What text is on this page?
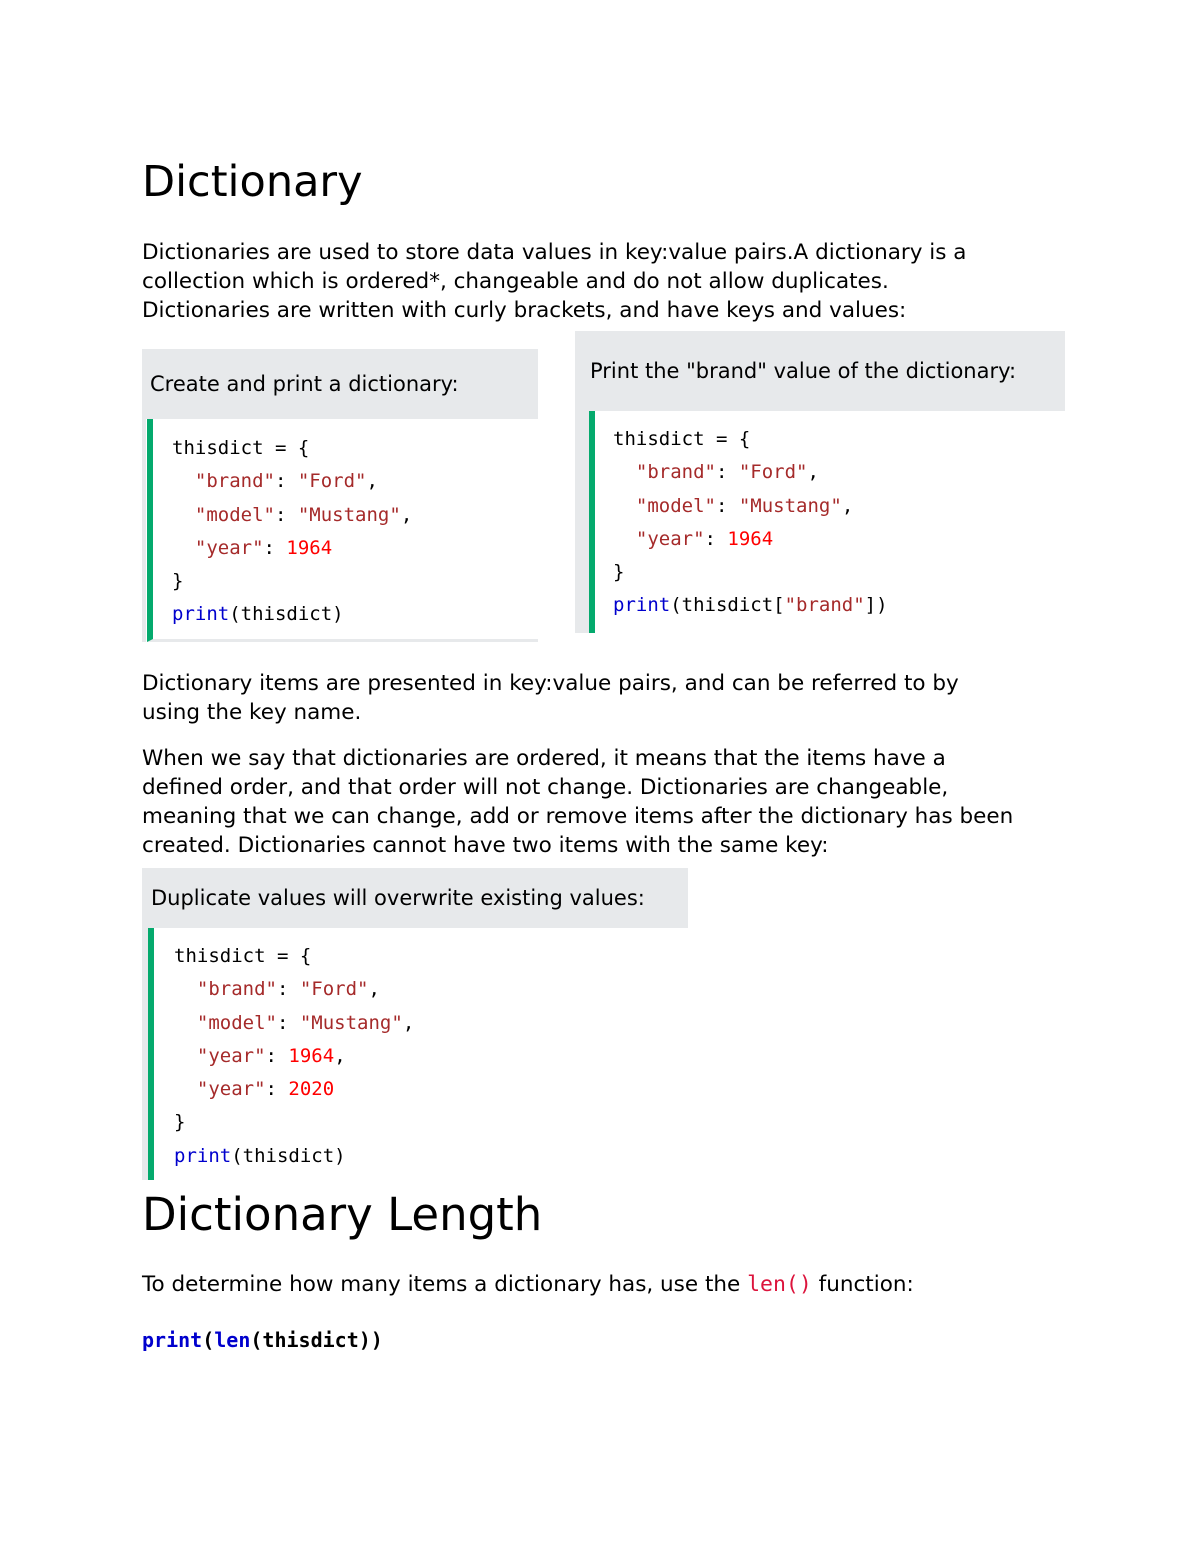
Dictionary
Dictionaries are used to store data values in key:value pairs.A dictionary is a
collection which is ordered*, changeable and do not allow duplicates.
Dictionaries are written with curly brackets, and have keys and values:
Create and print a dictionary:
thisdict = {
"brand": "Ford",
"model": "Mustang",
"year": 1964
}
print(thisdict)
Print the "brand" value of the dictionary:
thisdict = {
"brand": "Ford",
"model": "Mustang",
"year": 1964
}
print(thisdict["brand"])
Dictionary items are presented in key:value pairs, and can be referred to by
using the key name.
When we say that dictionaries are ordered, it means that the items have a
defined order, and that order will not change. Dictionaries are changeable,
meaning that we can change, add or remove items after the dictionary has been
created. Dictionaries cannot have two items with the same key:
Duplicate values will overwrite existing values:
thisdict = {
"brand": "Ford",
"model": "Mustang",
"year": 1964,
"year": 2020
}
print(thisdict)
Dictionary Length
To determine how many items a dictionary has, use the len() function:
print(len(thisdict))
